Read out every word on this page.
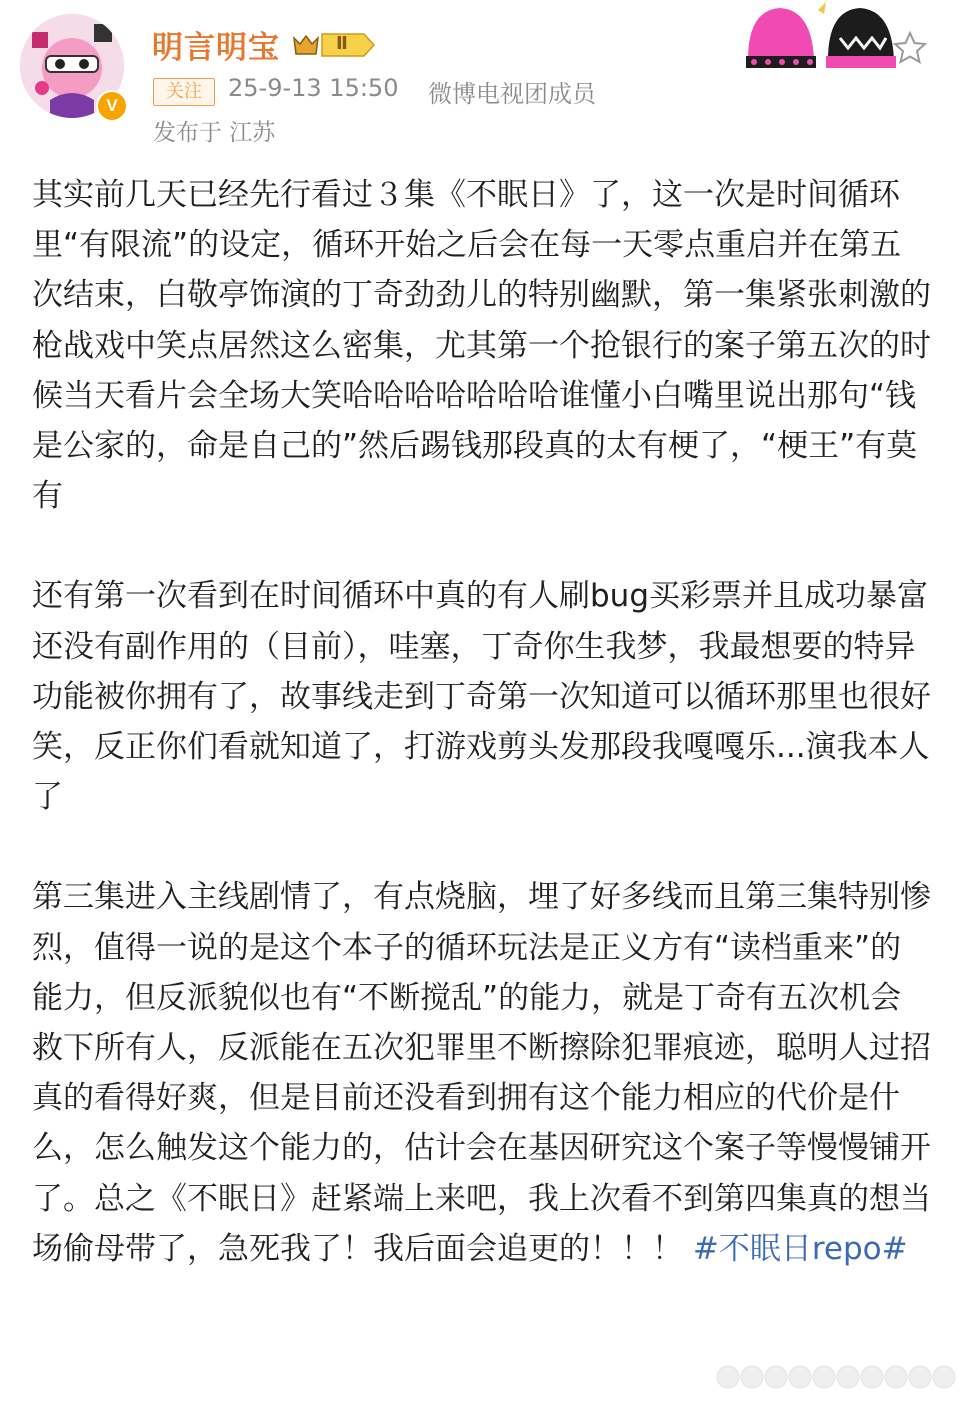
V
明言明宝	Ⅱ
关注	25-9-13 15:50 微博电视团成员
发布于 江苏

其实前几天已经先行看过３集《不眠日》了，这一次是时间循环里“有限流”的设定，循环开始之后会在每一天零点重启并在第五次结束，白敬亭饰演的丁奇劲劲儿的特别幽默，第一集紧张刺激的枪战戏中笑点居然这么密集，尤其第一个抢银行的案子第五次的时候当天看片会全场大笑哈哈哈哈哈哈哈谁懂小白嘴里说出那句“钱是公家的，命是自己的”然后踢钱那段真的太有梗了，“梗王”有莫有

还有第一次看到在时间循环中真的有人刷bug买彩票并且成功暴富还没有副作用的（目前），哇塞，丁奇你生我梦，我最想要的特异功能被你拥有了，故事线走到丁奇第一次知道可以循环那里也很好笑，反正你们看就知道了，打游戏剪头发那段我嘎嘎乐...演我本人了

第三集进入主线剧情了，有点烧脑，埋了好多线而且第三集特别惨烈，值得一说的是这个本子的循环玩法是正义方有“读档重来”的能力，但反派貌似也有“不断搅乱”的能力，就是丁奇有五次机会救下所有人，反派能在五次犯罪里不断擦除犯罪痕迹，聪明人过招真的看得好爽，但是目前还没看到拥有这个能力相应的代价是什么，怎么触发这个能力的，估计会在基因研究这个案子等慢慢铺开了。总之《不眠日》赶紧端上来吧，我上次看不到第四集真的想当场偷母带了，急死我了！我后面会追更的！！！ #不眠日repo#
